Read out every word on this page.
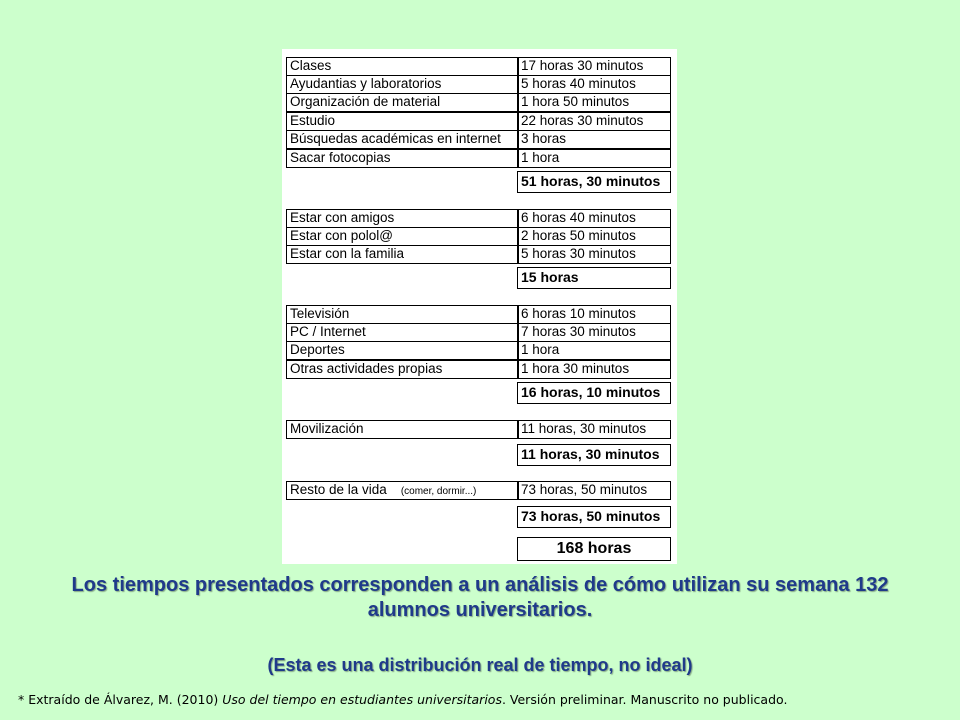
Clases	17 horas 30 minutos
Ayudantias y laboratorios	5 horas 40 minutos
Organización de material	1 hora 50 minutos
Estudio	22 horas 30 minutos
Búsquedas académicas en internet	3 horas
Sacar fotocopias	1 hora
51 horas, 30 minutos
Estar con amigos	6 horas 40 minutos
Estar con polol@	2 horas 50 minutos
Estar con la familia	5 horas 30 minutos
15 horas
Televisión	6 horas 10 minutos
PC / Internet	7 horas 30 minutos
Deportes	1 hora
Otras actividades propias	1 hora 30 minutos
16 horas, 10 minutos
Movilización	11 horas, 30 minutos
11 horas, 30 minutos
Resto de la vida (comer, dormir...)	73 horas, 50 minutos
73 horas, 50 minutos
168 horas
Los tiempos presentados corresponden a un análisis de cómo utilizan su semana 132 alumnos universitarios.
(Esta es una distribución real de tiempo, no ideal)
* Extraído de Álvarez, M. (2010) Uso del tiempo en estudiantes universitarios. Versión preliminar. Manuscrito no publicado.
